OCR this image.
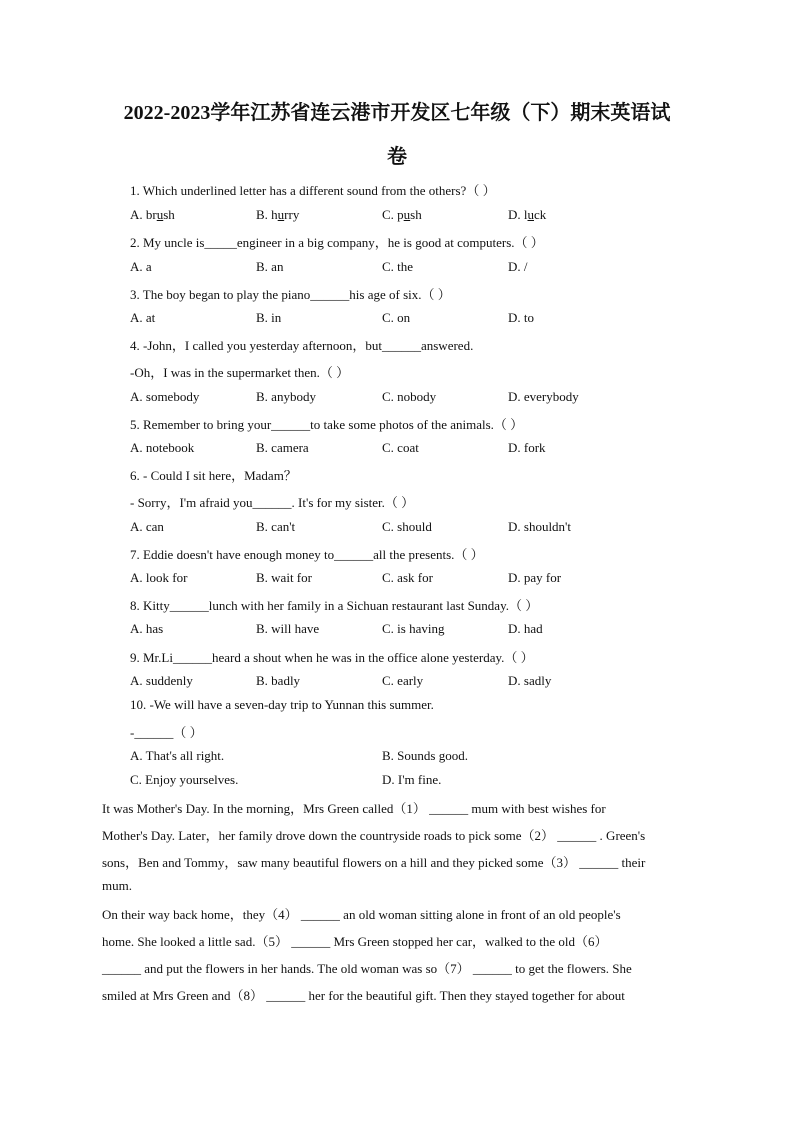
2022-2023学年江苏省连云港市开发区七年级（下）期末英语试
卷
1. Which underlined letter has a different sound from the others?（ ）
A. brush	B. hurry	C. push	D. luck
2. My uncle is_____engineer in a big company，he is good at computers.（ ）
A. a	B. an	C. the	D. /
3. The boy began to play the piano______his age of six.（ ）
A. at	B. in	C. on	D. to
4. -John，I called you yesterday afternoon，but______answered.
-Oh，I was in the supermarket then.（ ）
A. somebody	B. anybody	C. nobody	D. everybody
5. Remember to bring your______to take some photos of the animals.（ ）
A. notebook	B. camera	C. coat	D. fork
6. - Could I sit here，Madam？
- Sorry，I'm afraid you______. It's for my sister.（ ）
A. can	B. can't	C. should	D. shouldn't
7. Eddie doesn't have enough money to______all the presents.（ ）
A. look for	B. wait for	C. ask for	D. pay for
8. Kitty______lunch with her family in a Sichuan restaurant last Sunday.（ ）
A. has	B. will have	C. is having	D. had
9. Mr.Li______heard a shout when he was in the office alone yesterday.（ ）
A. suddenly	B. badly	C. early	D. sadly
10. -We will have a seven-day trip to Yunnan this summer.
-______（ ）
A. That's all right.	B. Sounds good.
C. Enjoy yourselves.	D. I'm fine.
It was Mother's Day. In the morning，Mrs Green called（1） ______ mum with best wishes for
Mother's Day. Later，her family drove down the countryside roads to pick some（2） ______ . Green's
sons，Ben and Tommy，saw many beautiful flowers on a hill and they picked some（3） ______ their
mum.
On their way back home，they（4） ______ an old woman sitting alone in front of an old people's
home. She looked a little sad.（5） ______ Mrs Green stopped her car，walked to the old（6）
______ and put the flowers in her hands. The old woman was so（7） ______ to get the flowers. She
smiled at Mrs Green and（8） ______ her for the beautiful gift. Then they stayed together for about
